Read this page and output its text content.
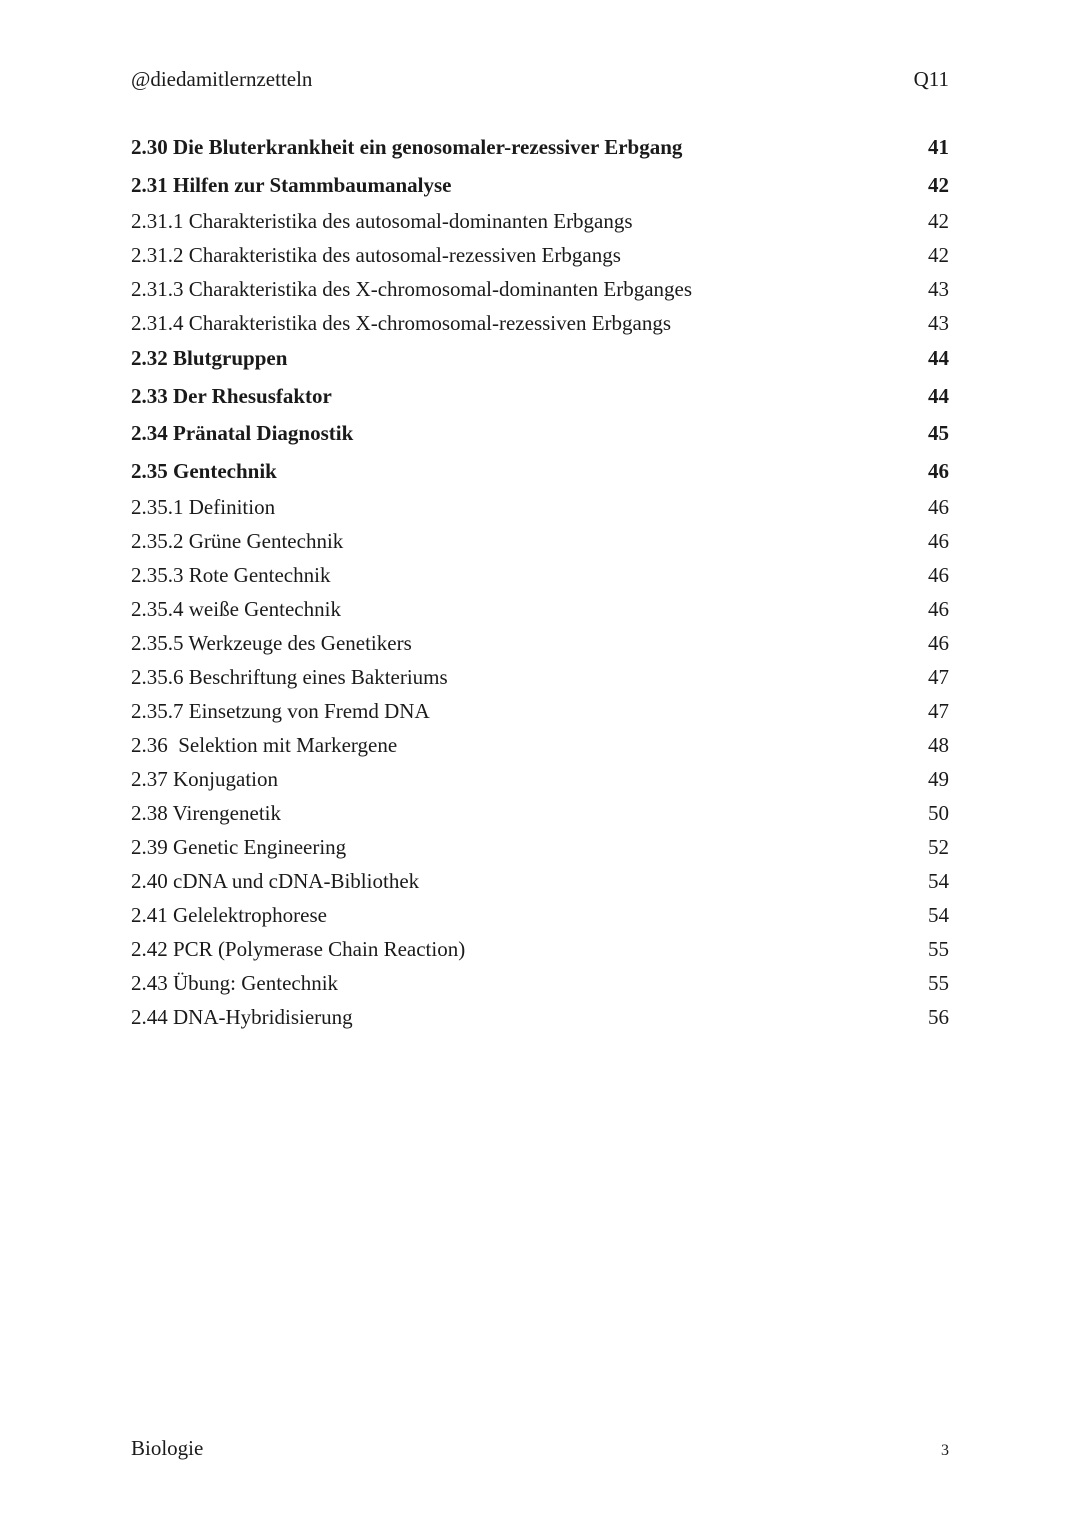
@diedamitlernzetteln	Q11
2.30 Die Bluterkrankheit ein genosomaler-rezessiver Erbgang	41
2.31 Hilfen zur Stammbaumanalyse	42
2.31.1 Charakteristika des autosomal-dominanten Erbgangs	42
2.31.2 Charakteristika des autosomal-rezessiven Erbgangs	42
2.31.3 Charakteristika des X-chromosomal-dominanten Erbganges	43
2.31.4 Charakteristika des X-chromosomal-rezessiven Erbgangs	43
2.32 Blutgruppen	44
2.33 Der Rhesusfaktor	44
2.34 Pränatal Diagnostik	45
2.35 Gentechnik	46
2.35.1 Definition	46
2.35.2 Grüne Gentechnik	46
2.35.3 Rote Gentechnik	46
2.35.4 weiße Gentechnik	46
2.35.5 Werkzeuge des Genetikers	46
2.35.6 Beschriftung eines Bakteriums	47
2.35.7 Einsetzung von Fremd DNA	47
2.36  Selektion mit Markergene	48
2.37 Konjugation	49
2.38 Virengenetik	50
2.39 Genetic Engineering	52
2.40 cDNA und cDNA-Bibliothek	54
2.41 Gelelektrophorese	54
2.42 PCR (Polymerase Chain Reaction)	55
2.43 Übung: Gentechnik	55
2.44 DNA-Hybridisierung	56
Biologie	3
